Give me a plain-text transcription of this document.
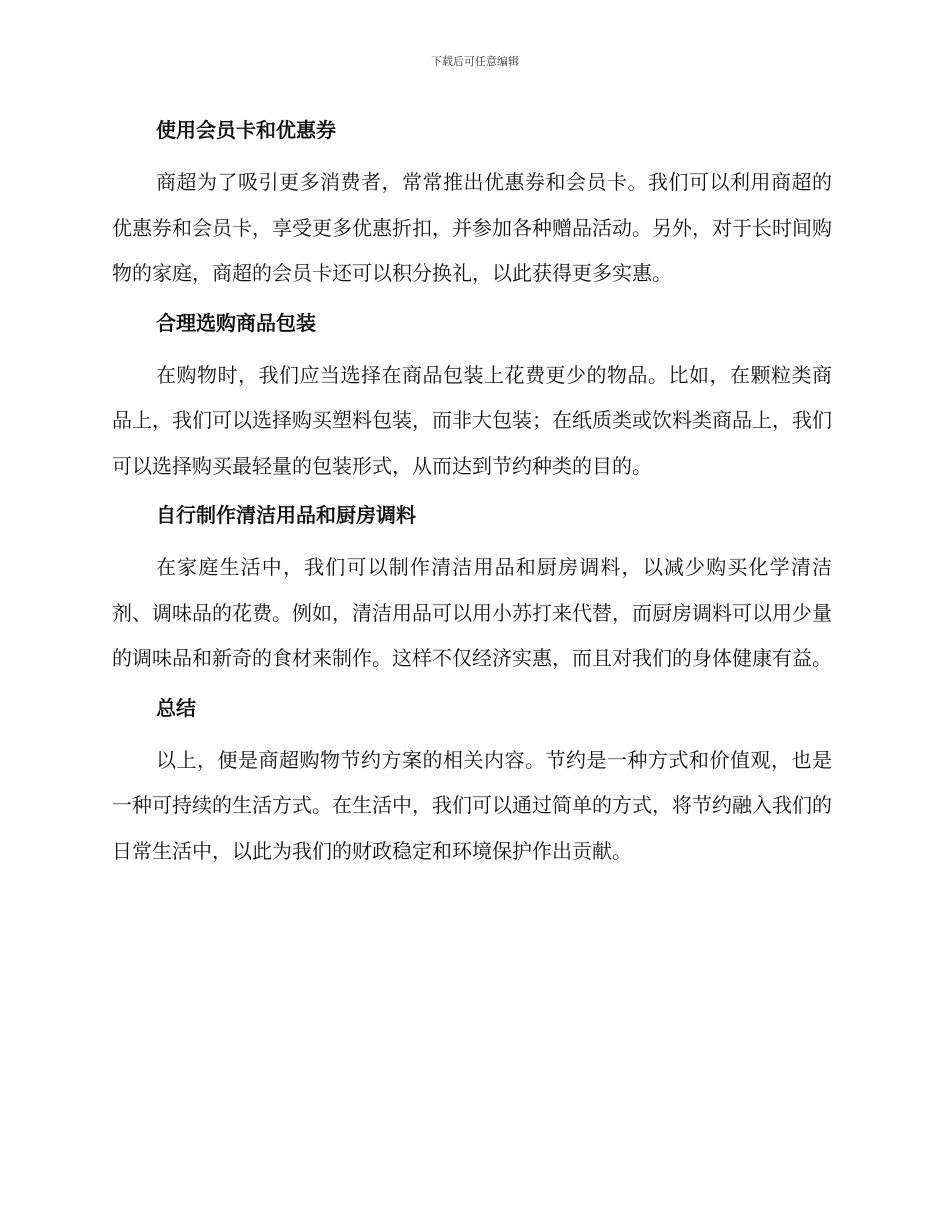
下载后可任意编辑
使用会员卡和优惠券

商超为了吸引更多消费者，常常推出优惠券和会员卡。我们可以利用商超的优惠券和会员卡，享受更多优惠折扣，并参加各种赠品活动。另外，对于长时间购物的家庭，商超的会员卡还可以积分换礼，以此获得更多实惠。

合理选购商品包装

在购物时，我们应当选择在商品包装上花费更少的物品。比如，在颗粒类商品上，我们可以选择购买塑料包装，而非大包装；在纸质类或饮料类商品上，我们可以选择购买最轻量的包装形式，从而达到节约种类的目的。

自行制作清洁用品和厨房调料

在家庭生活中，我们可以制作清洁用品和厨房调料，以减少购买化学清洁剂、调味品的花费。例如，清洁用品可以用小苏打来代替，而厨房调料可以用少量的调味品和新奇的食材来制作。这样不仅经济实惠，而且对我们的身体健康有益。

总结

以上，便是商超购物节约方案的相关内容。节约是一种方式和价值观，也是一种可持续的生活方式。在生活中，我们可以通过简单的方式，将节约融入我们的日常生活中，以此为我们的财政稳定和环境保护作出贡献。
